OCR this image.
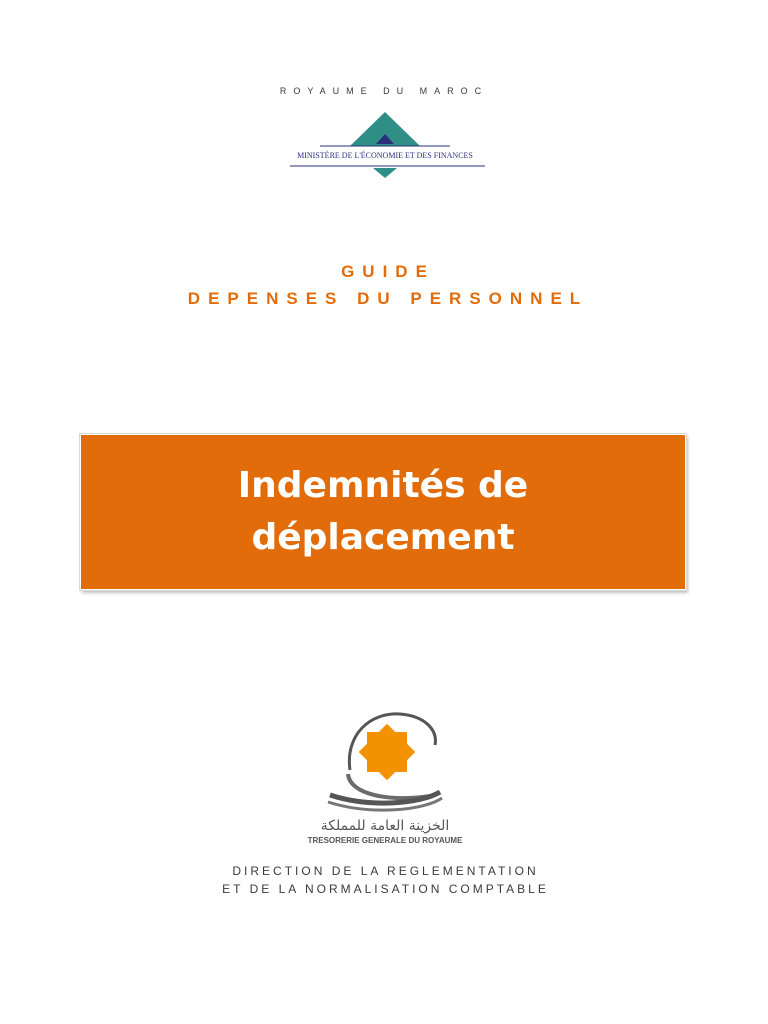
ROYAUME DU MAROC
MINISTÈRE DE L'ÉCONOMIE ET DES FINANCES
GUIDE
DEPENSES DU PERSONNEL
Indemnités de
déplacement
الخزينة العامة للمملكة
TRESORERIE GENERALE DU ROYAUME
DIRECTION DE LA REGLEMENTATION
ET DE LA NORMALISATION COMPTABLE
